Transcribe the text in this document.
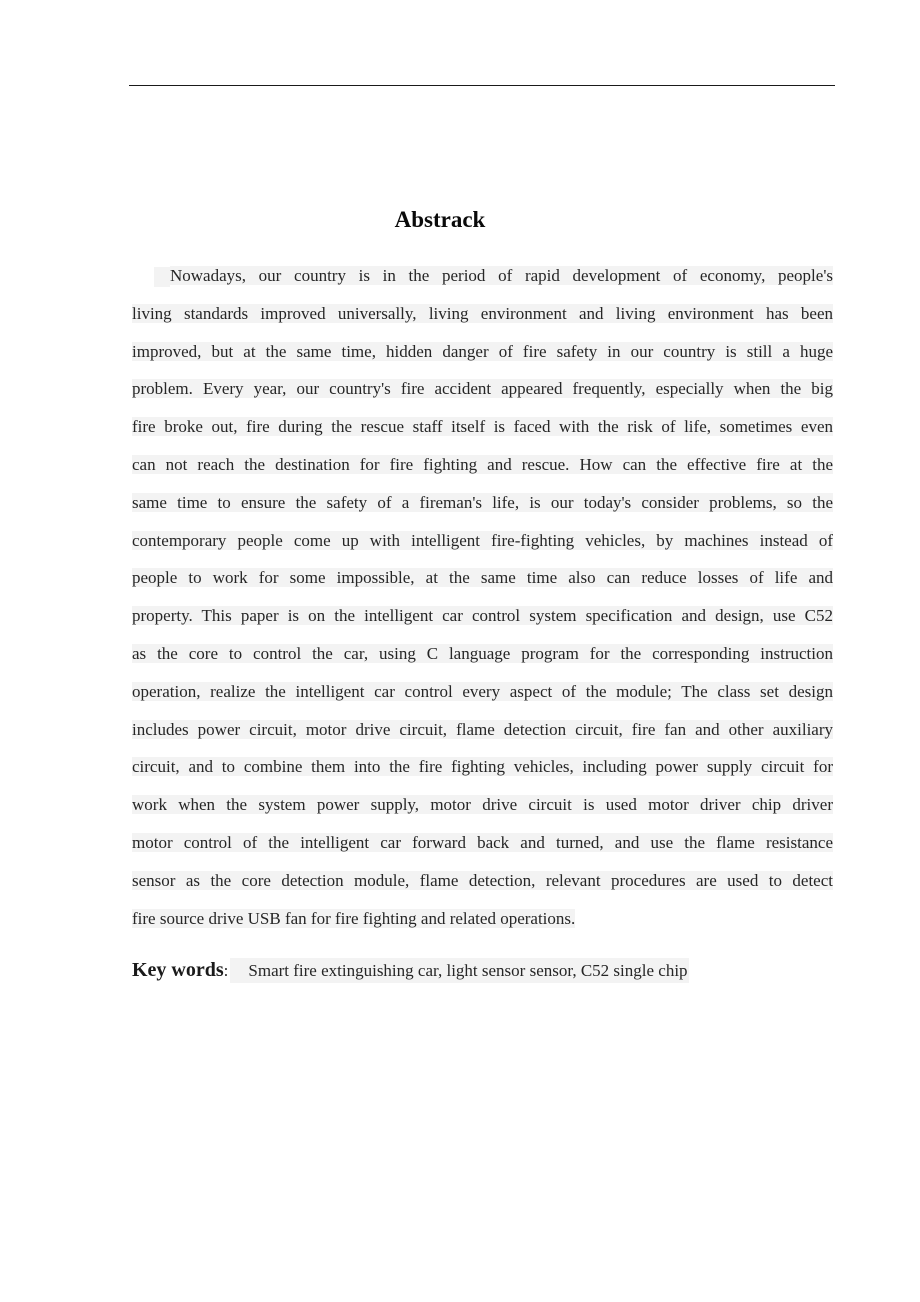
Abstrack
Nowadays, our country is in the period of rapid development of economy, people's
living standards improved universally, living environment and living environment has been
improved, but at the same time, hidden danger of fire safety in our country is still a huge
problem. Every year, our country's fire accident appeared frequently, especially when the big
fire broke out, fire during the rescue staff itself is faced with the risk of life, sometimes even
can not reach the destination for fire fighting and rescue. How can the effective fire at the
same time to ensure the safety of a fireman's life, is our today's consider problems, so the
contemporary people come up with intelligent fire-fighting vehicles, by machines instead of
people to work for some impossible, at the same time also can reduce losses of life and
property. This paper is on the intelligent car control system specification and design, use C52
as the core to control the car, using C language program for the corresponding instruction
operation, realize the intelligent car control every aspect of the module; The class set design
includes power circuit, motor drive circuit, flame detection circuit, fire fan and other auxiliary
circuit, and to combine them into the fire fighting vehicles, including power supply circuit for
work when the system power supply, motor drive circuit is used motor driver chip driver
motor control of the intelligent car forward back and turned, and use the flame resistance
sensor as the core detection module, flame detection, relevant procedures are used to detect
fire source drive USB fan for fire fighting and related operations.
Key words: Smart fire extinguishing car, light sensor sensor, C52 single chip
